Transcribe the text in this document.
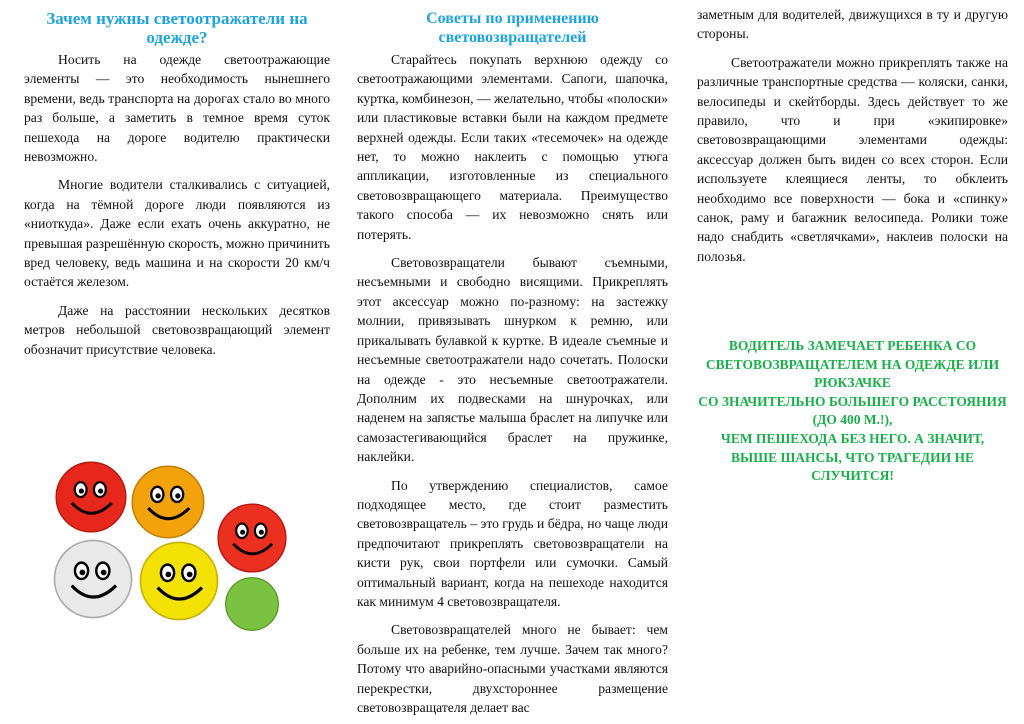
Зачем нужны светоотражатели на одежде?

Носить на одежде светоотражающие элементы — это необходимость нынешнего времени, ведь транспорта на дорогах стало во много раз больше, а заметить в темное время суток пешехода на дороге водителю практически невозможно.

Многие водители сталкивались с ситуацией, когда на тёмной дороге люди появляются из «ниоткуда». Даже если ехать очень аккуратно, не превышая разрешённую скорость, можно причинить вред человеку, ведь машина и на скорости 20 км/ч остаётся железом.

Даже на расстоянии нескольких десятков метров небольшой световозвращающий элемент обозначит присутствие человека.

Советы по применению световозвращателей

Старайтесь покупать верхнюю одежду со светоотражающими элементами. Сапоги, шапочка, куртка, комбинезон, — желательно, чтобы «полоски» или пластиковые вставки были на каждом предмете верхней одежды. Если таких «тесемочек» на одежде нет, то можно наклеить с помощью утюга аппликации, изготовленные из специального световозвращающего материала. Преимущество такого способа — их невозможно снять или потерять.

Световозвращатели бывают съемными, несъемными и свободно висящими. Прикреплять этот аксессуар можно по-разному: на застежку молнии, привязывать шнурком к ремню, или прикалывать булавкой к куртке. В идеале съемные и несъемные светоотражатели надо сочетать. Полоски на одежде - это несъемные светоотражатели. Дополним их подвесками на шнурочках, или наденем на запястье малыша браслет на липучке или самозастегивающийся браслет на пружинке, наклейки.

По утверждению специалистов, самое подходящее место, где стоит разместить световозвращатель – это грудь и бёдра, но чаще люди предпочитают прикреплять световозвращатели на кисти рук, свои портфели или сумочки. Самый оптимальный вариант, когда на пешеходе находится как минимум 4 световозвращателя.

Световозвращателей много не бывает: чем больше их на ребенке, тем лучше. Зачем так много? Потому что аварийно-опасными участками являются перекрестки, двухстороннее размещение световозвращателя делает вас

заметным для водителей, движущихся в ту и другую стороны.

Светоотражатели можно прикреплять также на различные транспортные средства — коляски, санки, велосипеды и скейтборды. Здесь действует то же правило, что и при «экипировке» световозвращающими элементами одежды: аксессуар должен быть виден со всех сторон. Если используете клеящиеся ленты, то обклеить необходимо все поверхности — бока и «спинку» санок, раму и багажник велосипеда. Ролики тоже надо снабдить «светлячками», наклеив полоски на полозья.

ВОДИТЕЛЬ ЗАМЕЧАЕТ РЕБЕНКА СО СВЕТОВОЗВРАЩАТЕЛЕМ НА ОДЕЖДЕ ИЛИ РЮКЗАЧКЕ
СО ЗНАЧИТЕЛЬНО БОЛЬШЕГО РАССТОЯНИЯ (ДО 400 М.!),
ЧЕМ ПЕШЕХОДА БЕЗ НЕГО. А ЗНАЧИТ, ВЫШЕ ШАНСЫ, ЧТО ТРАГЕДИИ НЕ СЛУЧИТСЯ!
